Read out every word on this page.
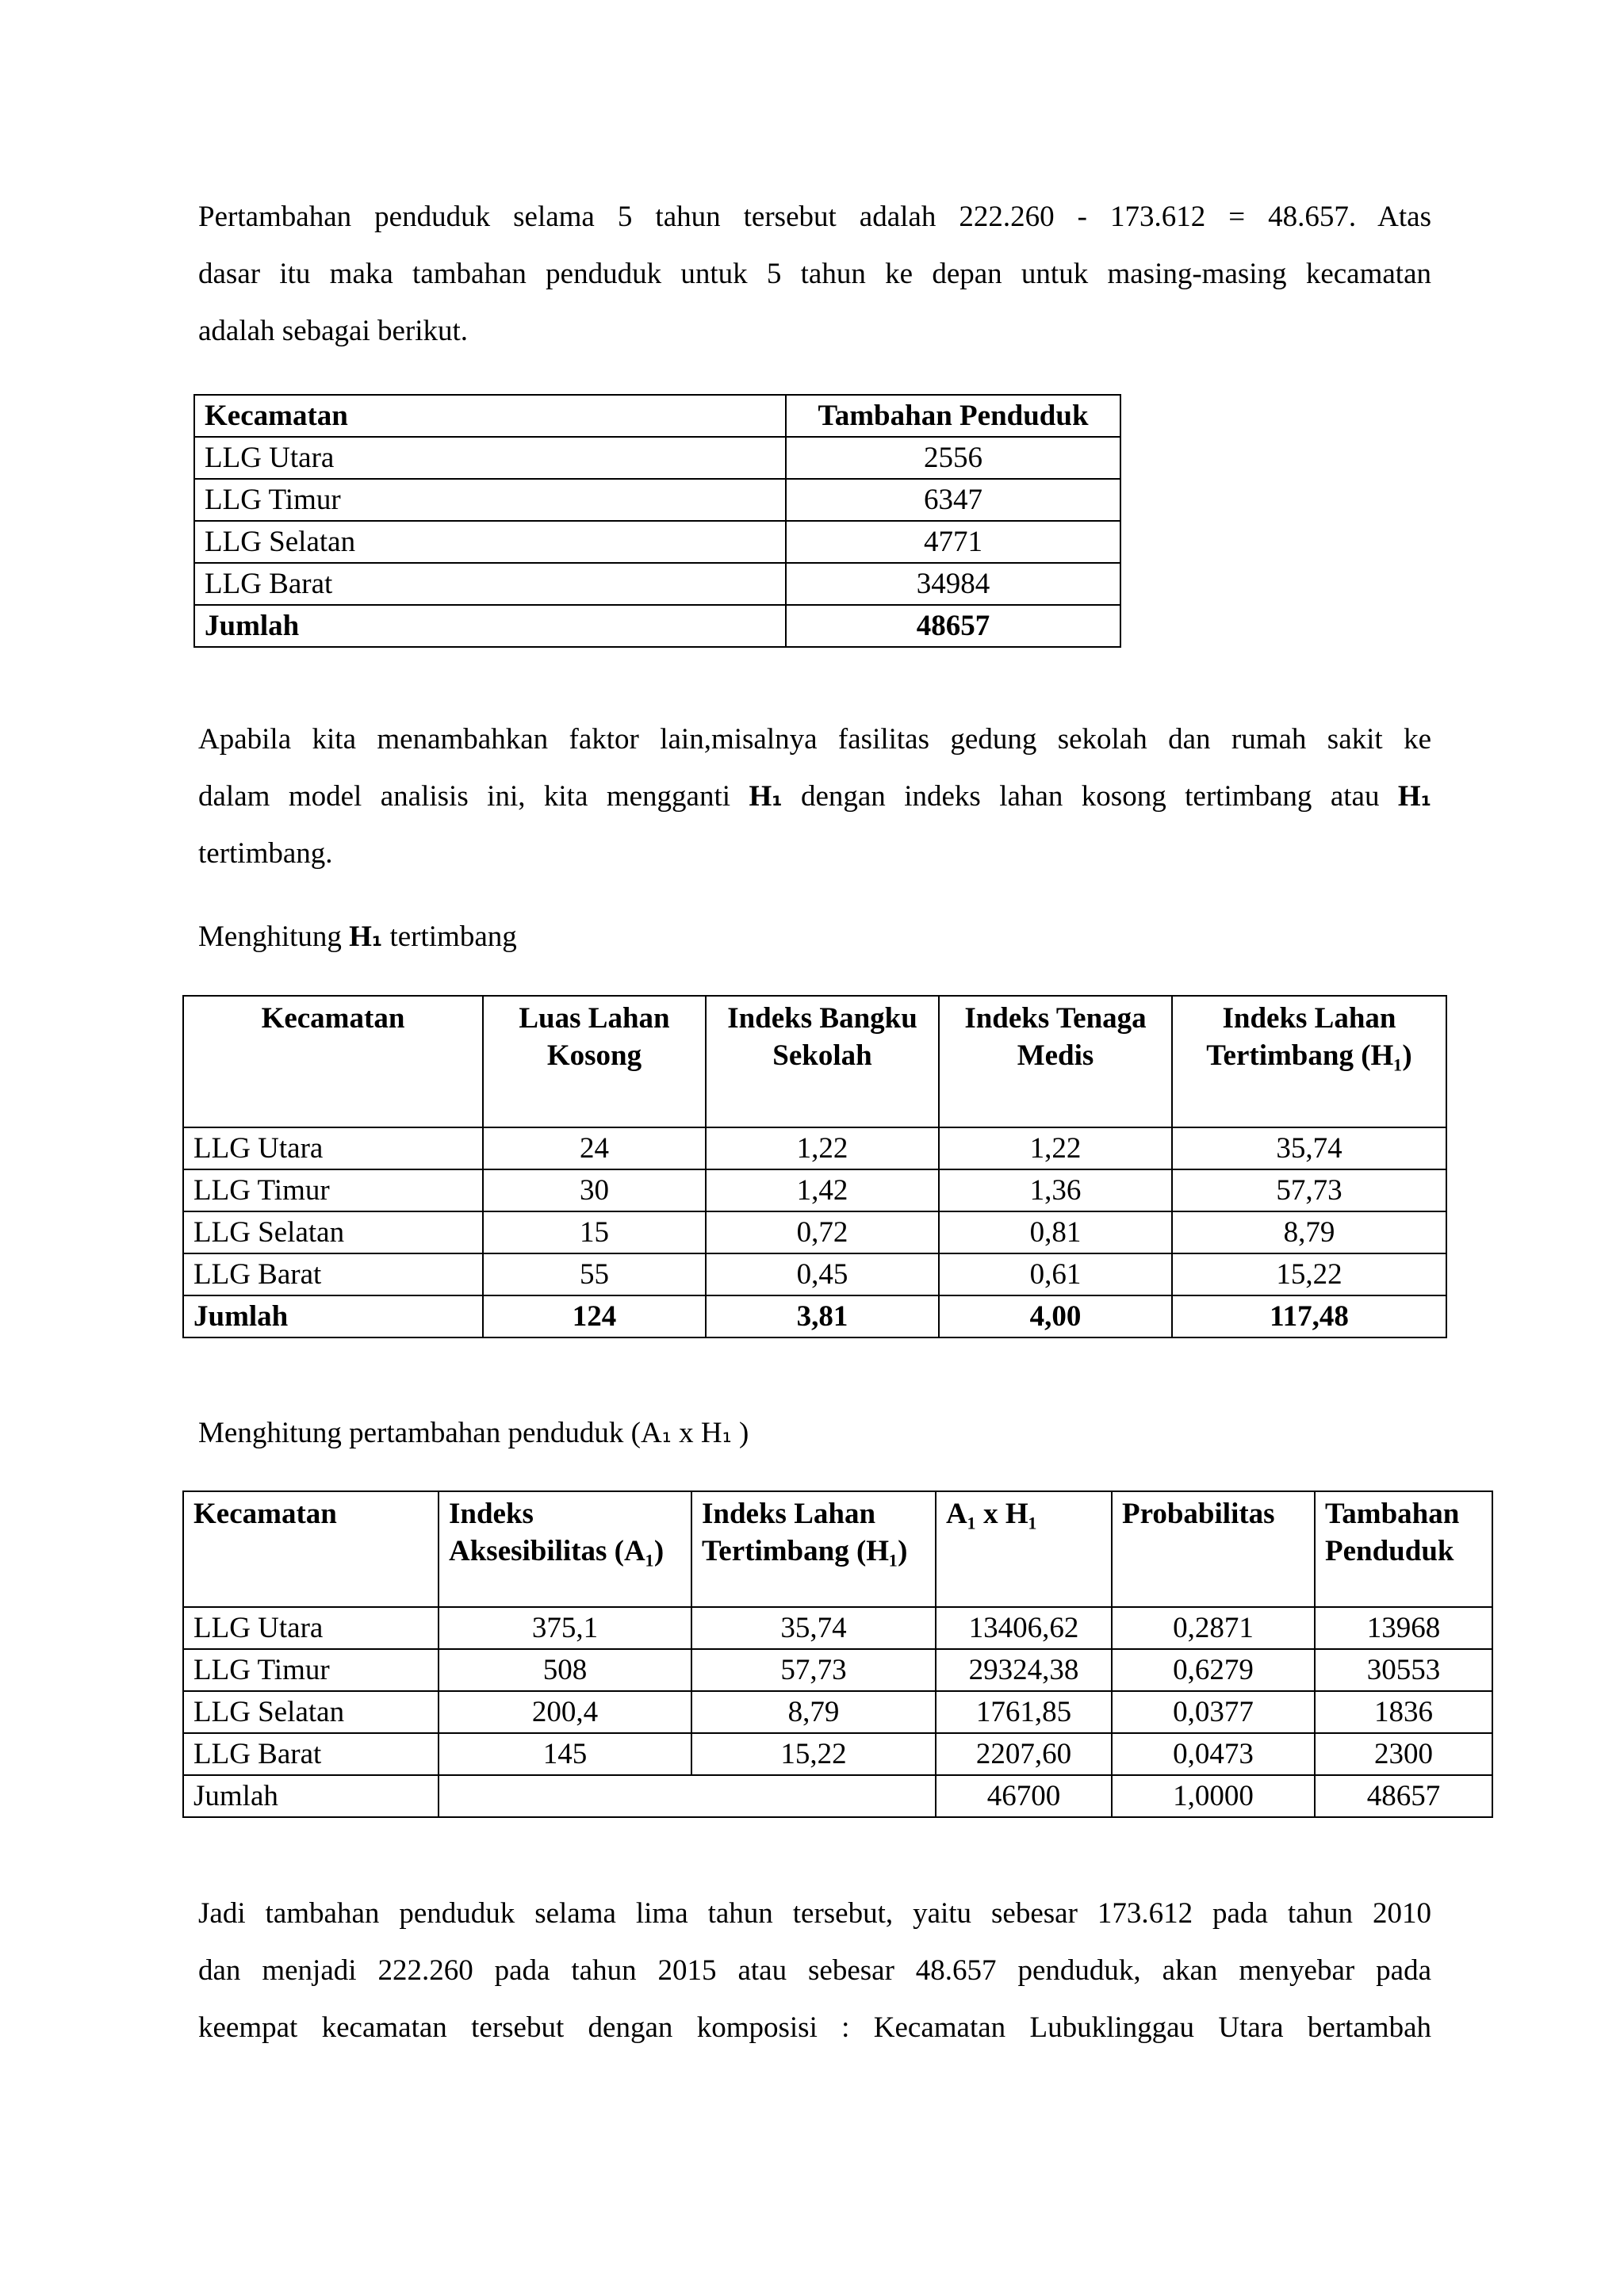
Pertambahan penduduk selama 5 tahun tersebut adalah 222.260 - 173.612 = 48.657. Atas

dasar itu maka tambahan penduduk untuk 5 tahun ke depan untuk masing-masing kecamatan

adalah sebagai berikut.

Kecamatan	Tambahan Penduduk
LLG Utara	2556
LLG Timur	6347
LLG Selatan	4771
LLG Barat	34984
Jumlah	48657

Apabila kita menambahkan faktor lain,misalnya fasilitas gedung sekolah dan rumah sakit ke

dalam model analisis ini, kita mengganti H₁ dengan indeks lahan kosong tertimbang atau H₁

tertimbang.

Menghitung H₁ tertimbang

Kecamatan	Luas Lahan Kosong	Indeks Bangku Sekolah	Indeks Tenaga Medis	Indeks Lahan Tertimbang (H₁)
LLG Utara	24	1,22	1,22	35,74
LLG Timur	30	1,42	1,36	57,73
LLG Selatan	15	0,72	0,81	8,79
LLG Barat	55	0,45	0,61	15,22
Jumlah	124	3,81	4,00	117,48

Menghitung pertambahan penduduk (A₁ x H₁ )

Kecamatan	Indeks Aksesibilitas (A₁)	Indeks Lahan Tertimbang (H₁)	A₁ x H₁	Probabilitas	Tambahan Penduduk
LLG Utara	375,1	35,74	13406,62	0,2871	13968
LLG Timur	508	57,73	29324,38	0,6279	30553
LLG Selatan	200,4	8,79	1761,85	0,0377	1836
LLG Barat	145	15,22	2207,60	0,0473	2300
Jumlah			46700	1,0000	48657

Jadi tambahan penduduk selama lima tahun tersebut, yaitu sebesar 173.612 pada tahun 2010

dan menjadi 222.260 pada tahun 2015 atau sebesar 48.657 penduduk, akan menyebar pada

keempat kecamatan tersebut dengan komposisi : Kecamatan Lubuklinggau Utara bertambah
